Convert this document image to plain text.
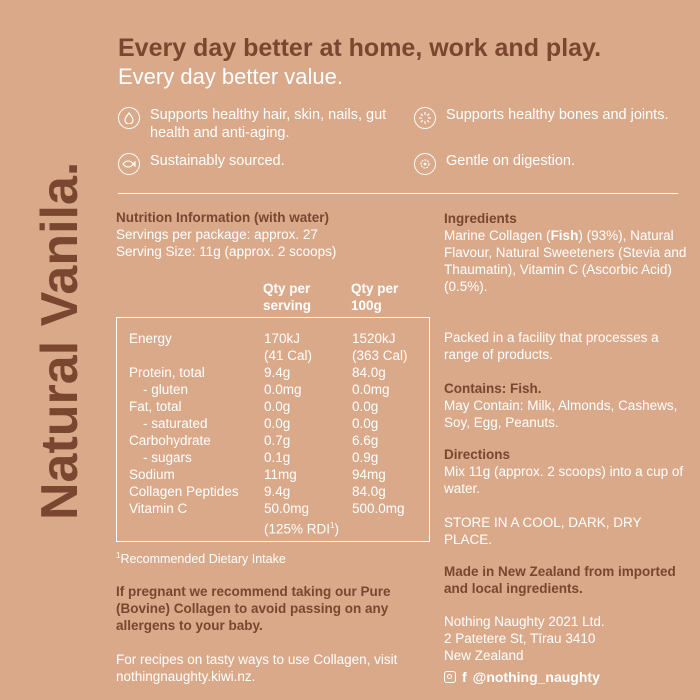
Natural Vanila.
Every day better at home, work and play.
Every day better value.
Supports healthy hair, skin, nails, gut health and anti-aging.
Supports healthy bones and joints.
Sustainably sourced.	Gentle on digestion.
Nutrition Information (with water)
Servings per package: approx. 27
Serving Size: 11g (approx. 2 scoops)
Qty per serving
Qty per 100g
Energy	170kJ	1520kJ
(41 Cal)	(363 Cal)
Protein, total	9.4g	84.0g
- gluten	0.0mg	0.0mg
Fat, total	0.0g	0.0g
- saturated	0.0g	0.0g
Carbohydrate	0.7g	6.6g
- sugars	0.1g	0.9g
Sodium	11mg	94mg
Collagen Peptides 9.4g	84.0g
Vitamin C	50.0mg	500.0mg
(125% RDI$^1$)
$^1$Recommended Dietary Intake
If pregnant we recommend taking our Pure (Bovine) Collagen to avoid passing on any allergens to your baby.
For recipes on tasty ways to use Collagen, visit nothingnaughty.kiwi.nz.
Ingredients
Marine Collagen (Fish) (93%), Natural Flavour, Natural Sweeteners (Stevia and Thaumatin), Vitamin C (Ascorbic Acid) (0.5%).
Packed in a facility that processes a range of products.
Contains: Fish.
May Contain: Milk, Almonds, Cashews, Soy, Egg, Peanuts.
Directions
Mix 11g (approx. 2 scoops) into a cup of water.
STORE IN A COOL, DARK, DRY PLACE.
Made in New Zealand from imported and local ingredients.
Nothing Naughty 2021 Ltd.
2 Patetere St, Tīrau 3410
New Zealand
f @nothing_naughty
